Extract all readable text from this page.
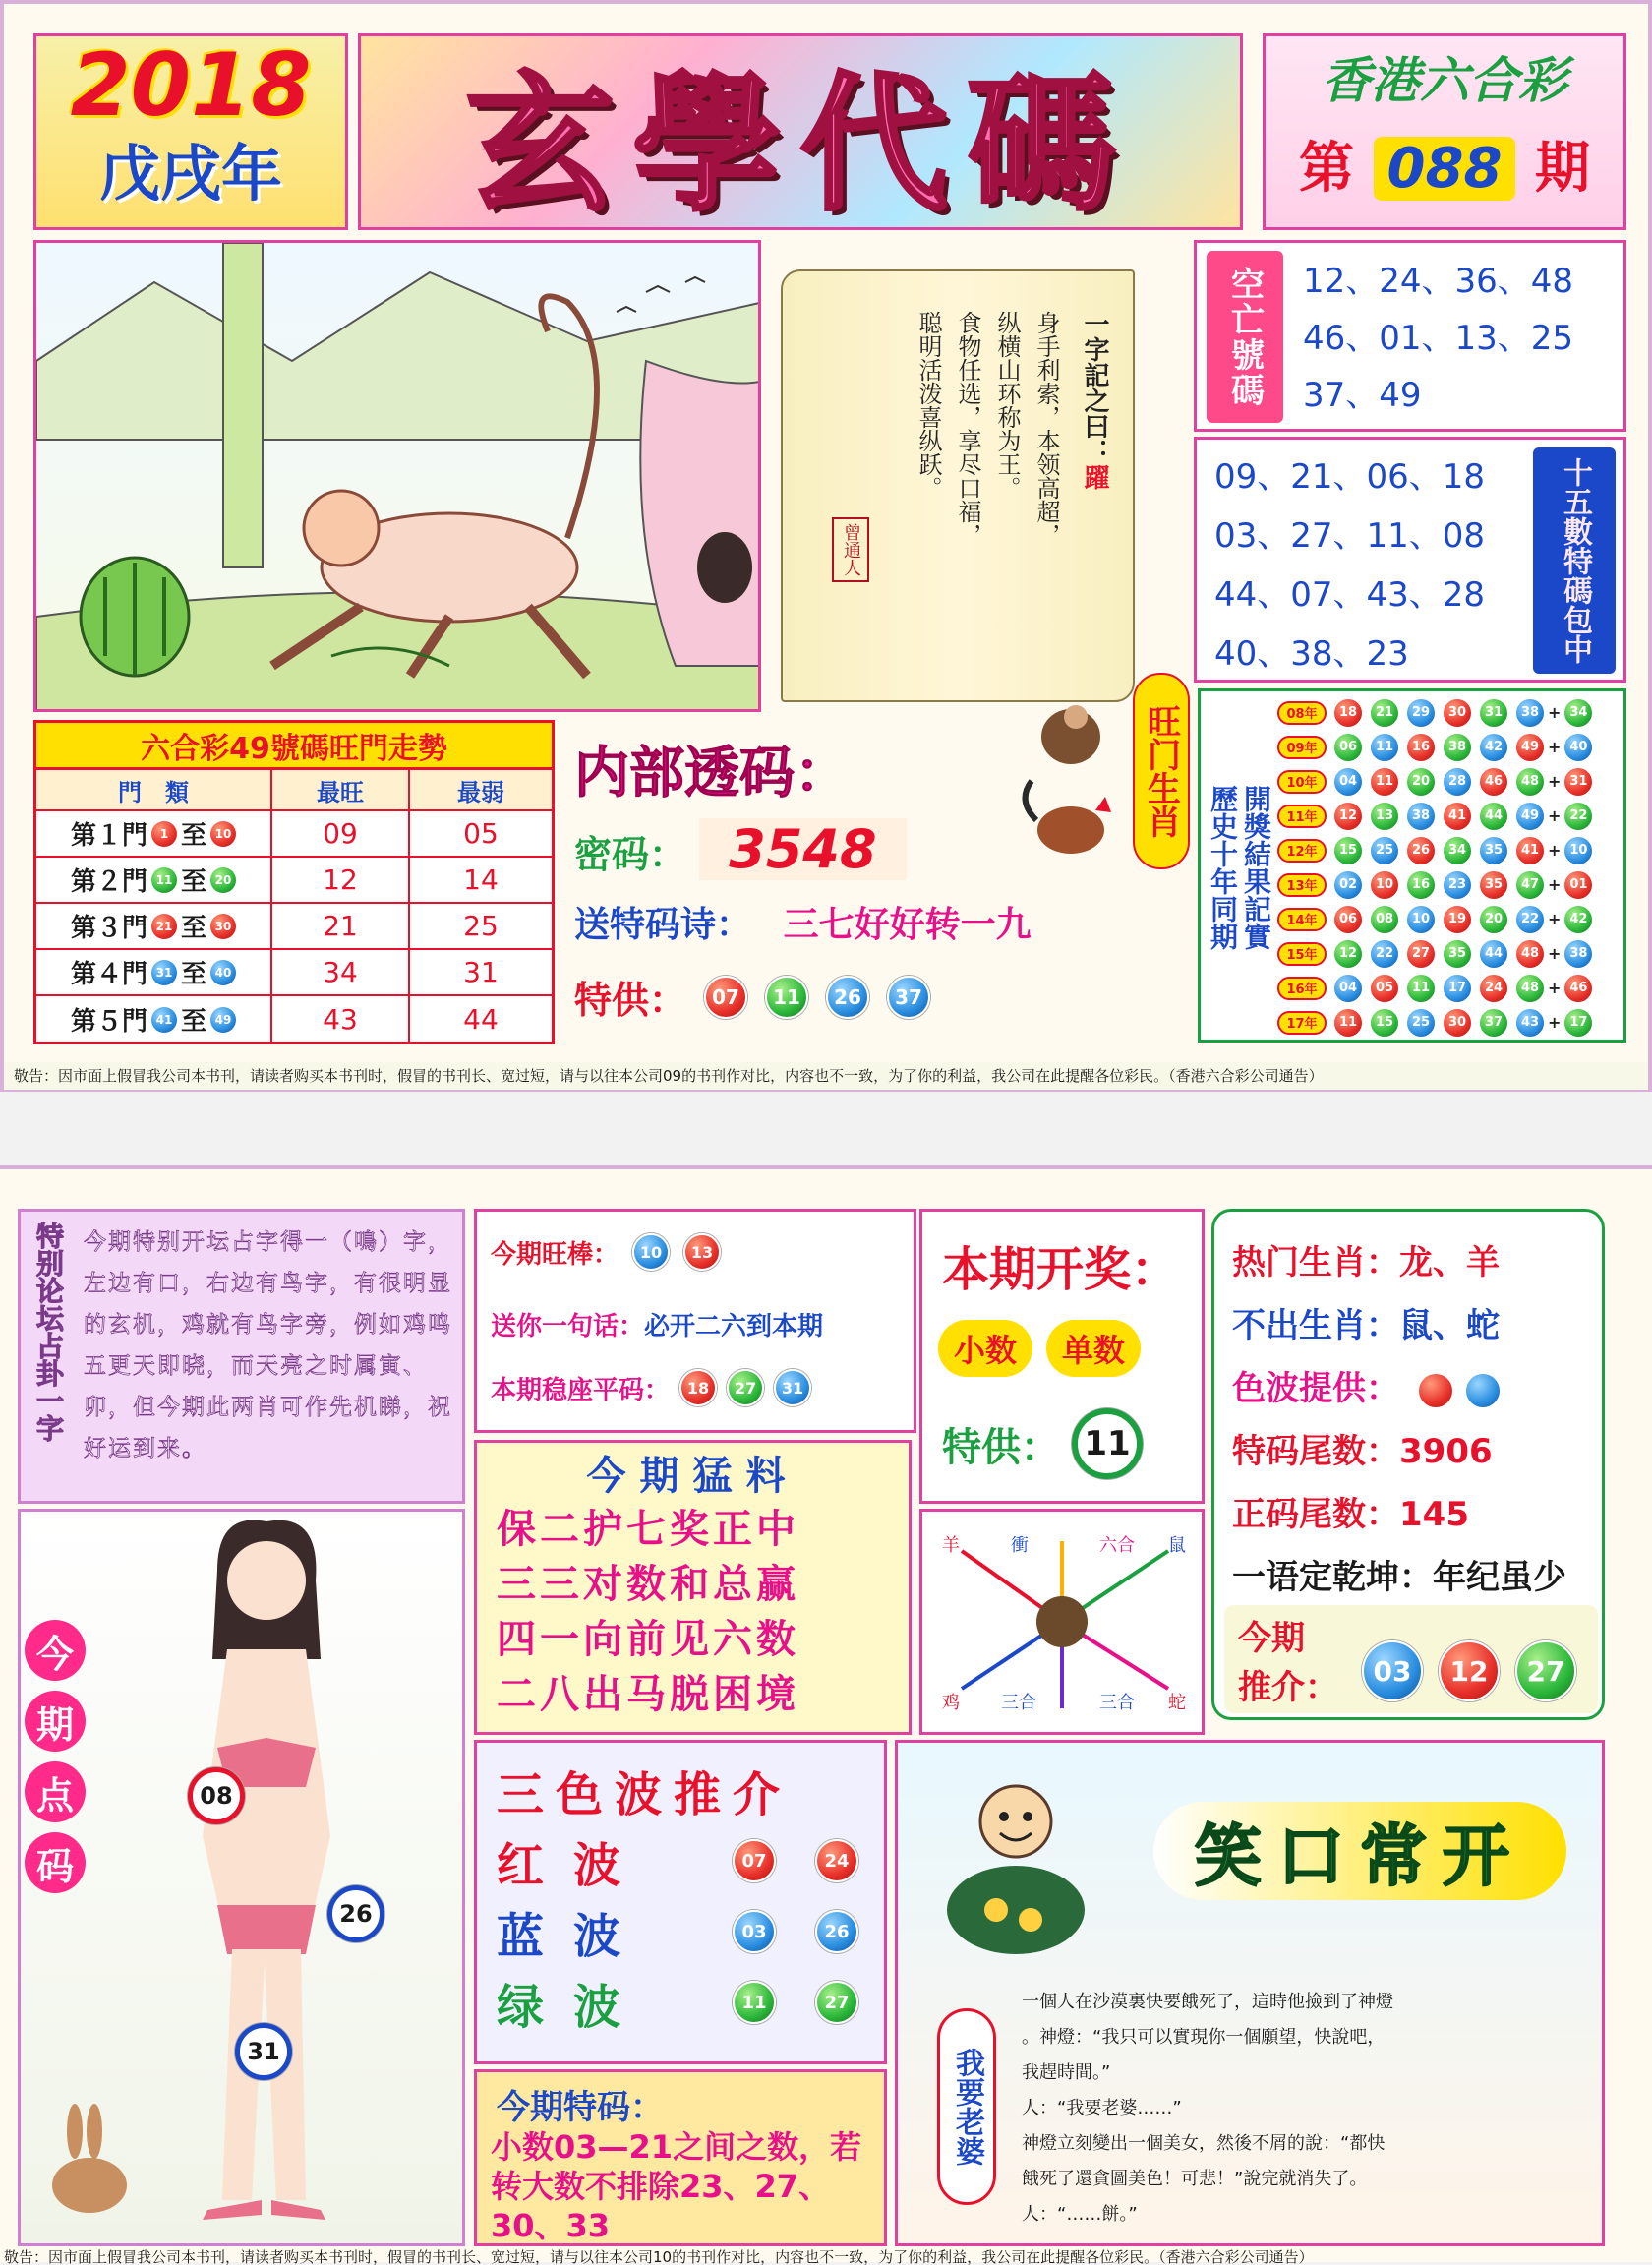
2018
戊戌年	玄學代碼	香港六合彩
第 088 期
一字記之曰：躍
身手利索，本领高超，
纵横山环称为王。
食物任选，享尽口福，
聪明活泼喜纵跃。
曾通人
空亡號碼	12、24、36、48
46、01、13、25
37、49
09、21、06、18
03、27、11、08
44、07、43、28
40、38、23	十五數特碼包中
六合彩49號碼旺門走勢
門　類	最旺	最弱
第１門	1 至 10	09	05
第２門 11 至 20	12	14
第３門 21 至 30	21	25
第４門 31 至 40	34	31
第５門 41 至 49	43	44
内部透码：
密码： 3548
送特码诗： 三七好好转一九
特供：	07	11	26	37
旺门生肖
歷史十年同期 開獎結果記實
08年	18	21	29	30	31	38 + 34
09年	06	11	16	38	42	49 + 40
10年	04	11	20	28	46	48 + 31
11年	12	13	38	41	44	49 + 22
12年	15	25	26	34	35	41 + 10
13年	02	10	16	23	35	47 + 01
14年	06	08	10	19	20	22 + 42
15年	12	22	27	35	44	48 + 38
16年	04	05	11	17	24	48 + 46
17年	11	15	25	30	37	43 + 17
敬告：因市面上假冒我公司本书刊，请读者购买本书刊时，假冒的书刊长、宽过短，请与以往本公司09的书刊作对比，内容也不一致，为了你的利益，我公司在此提醒各位彩民。（香港六合彩公司通告）
特别论坛占卦一字 今期特别开坛占字得一（鳴）字，左边有口，右边有鸟字，有很明显的玄机，鸡就有鸟字旁，例如鸡鸣五更天即晓，而天亮之时属寅、卯，但今期此两肖可作先机睇，祝好运到来。
今期旺棒：	10	13
送你一句话：必开二六到本期
本期稳座平码：	18	27	31
本期开奖：
小数	单数
特供： 11
热门生肖：龙、羊
不出生肖：鼠、蛇
色波提供：
特码尾数：3906
正码尾数：145
一语定乾坤：年纪虽少
今期
推介：	03	12	27
今
期
点
码
08
26
31
今期猛料
保二护七奖正中
三三对数和总赢
四一向前见六数
二八出马脱困境
羊	衝	六合 鼠
鸡 三合	三合 蛇
三色波推介
红波	07	24
蓝波	03	26
绿波	11	27
今期特码：
小数03—21之间之数，若转大数不排除23、27、30、33
笑口常开
我要老婆
一個人在沙漠裏快要餓死了，這時他撿到了神燈
。神燈：“我只可以實現你一個願望，快說吧，
我趕時間。”
人：“我要老婆……”
神燈立刻變出一個美女，然後不屑的說：“都快
餓死了還貪圖美色！可悲！”說完就消失了。
人：“……餅。”
敬告：因市面上假冒我公司本书刊，请读者购买本书刊时，假冒的书刊长、宽过短，请与以往本公司10的书刊作对比，内容也不一致，为了你的利益，我公司在此提醒各位彩民。（香港六合彩公司通告）
